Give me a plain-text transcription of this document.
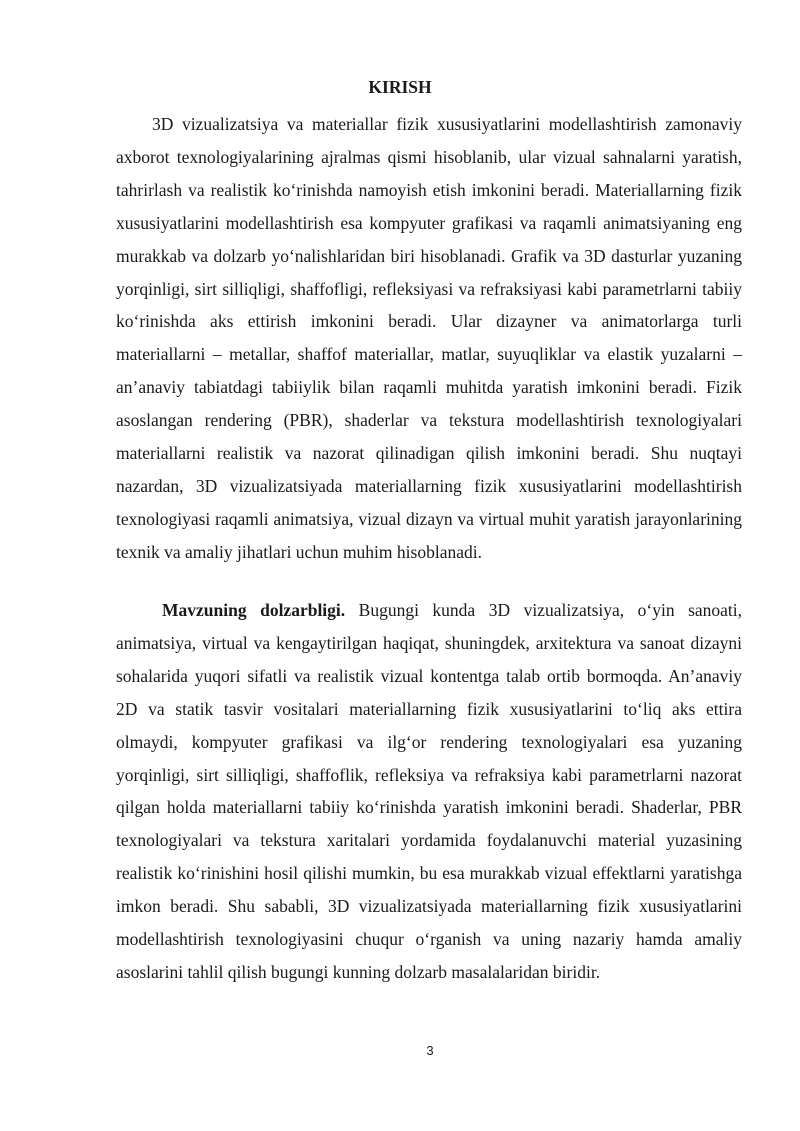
KIRISH

3D vizualizatsiya va materiallar fizik xususiyatlarini modellashtirish zamonaviy axborot texnologiyalarining ajralmas qismi hisoblanib, ular vizual sahnalarni yaratish, tahrirlash va realistik ko‘rinishda namoyish etish imkonini beradi. Materiallarning fizik xususiyatlarini modellashtirish esa kompyuter grafikasi va raqamli animatsiyaning eng murakkab va dolzarb yo‘nalishlaridan biri hisoblanadi. Grafik va 3D dasturlar yuzaning yorqinligi, sirt silliqligi, shaffofligi, refleksiyasi va refraksiyasi kabi parametrlarni tabiiy ko‘rinishda aks ettirish imkonini beradi. Ular dizayner va animatorlarga turli materiallarni – metallar, shaffof materiallar, matlar, suyuqliklar va elastik yuzalarni – an’anaviy tabiatdagi tabiiylik bilan raqamli muhitda yaratish imkonini beradi. Fizik asoslangan rendering (PBR), shaderlar va tekstura modellashtirish texnologiyalari materiallarni realistik va nazorat qilinadigan qilish imkonini beradi. Shu nuqtayi nazardan, 3D vizualizatsiyada materiallarning fizik xususiyatlarini modellashtirish texnologiyasi raqamli animatsiya, vizual dizayn va virtual muhit yaratish jarayonlarining texnik va amaliy jihatlari uchun muhim hisoblanadi.

Mavzuning dolzarbligi. Bugungi kunda 3D vizualizatsiya, o‘yin sanoati, animatsiya, virtual va kengaytirilgan haqiqat, shuningdek, arxitektura va sanoat dizayni sohalarida yuqori sifatli va realistik vizual kontentga talab ortib bormoqda. An’anaviy 2D va statik tasvir vositalari materiallarning fizik xususiyatlarini to‘liq aks ettira olmaydi, kompyuter grafikasi va ilg‘or rendering texnologiyalari esa yuzaning yorqinligi, sirt silliqligi, shaffoflik, refleksiya va refraksiya kabi parametrlarni nazorat qilgan holda materiallarni tabiiy ko‘rinishda yaratish imkonini beradi. Shaderlar, PBR texnologiyalari va tekstura xaritalari yordamida foydalanuvchi material yuzasining realistik ko‘rinishini hosil qilishi mumkin, bu esa murakkab vizual effektlarni yaratishga imkon beradi. Shu sababli, 3D vizualizatsiyada materiallarning fizik xususiyatlarini modellashtirish texnologiyasini chuqur o‘rganish va uning nazariy hamda amaliy asoslarini tahlil qilish bugungi kunning dolzarb masalalaridan biridir.

3
